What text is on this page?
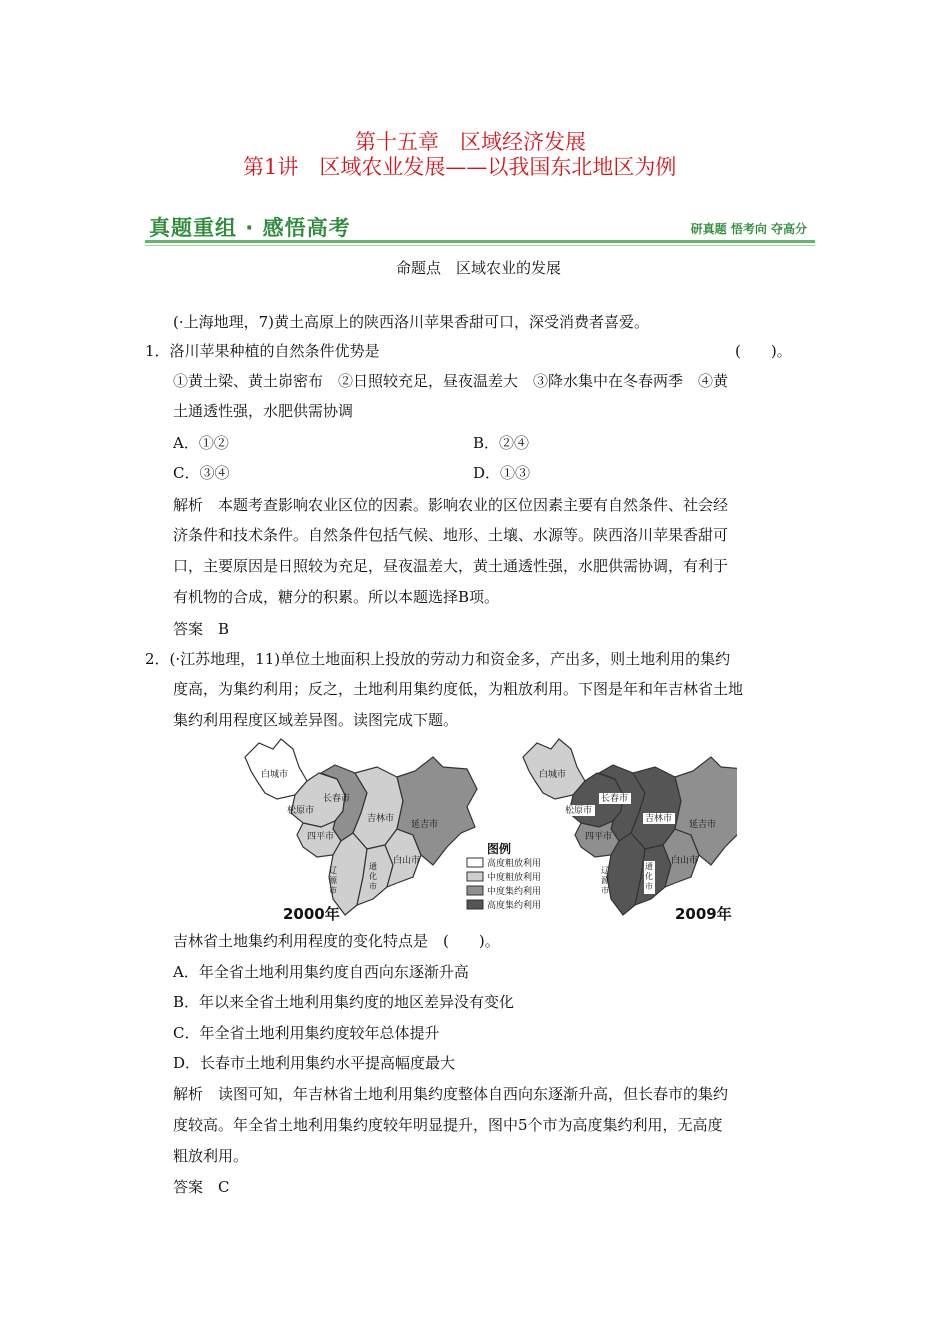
第十五章　区域经济发展
第1讲　区域农业发展——以我国东北地区为例
真题重组 · 感悟高考	研真题 悟考向 夺高分
命题点　区域农业的发展
(·上海地理，7)黄土高原上的陕西洛川苹果香甜可口，深受消费者喜爱。
1．洛川苹果种植的自然条件优势是	(　　)。
①黄土梁、黄土峁密布　②日照较充足，昼夜温差大　③降水集中在冬春两季　④黄
土通透性强，水肥供需协调
A．①②	B．②④
C．③④	D．①③
解析　本题考查影响农业区位的因素。影响农业的区位因素主要有自然条件、社会经
济条件和技术条件。自然条件包括气候、地形、土壤、水源等。陕西洛川苹果香甜可
口，主要原因是日照较为充足，昼夜温差大，黄土通透性强，水肥供需协调，有利于
有机物的合成，糖分的积累。所以本题选择B项。
答案　B
2．(·江苏地理，11)单位土地面积上投放的劳动力和资金多，产出多，则土地利用的集约
度高，为集约利用；反之，土地利用集约度低，为粗放利用。下图是年和年吉林省土地
集约利用程度区域差异图。读图完成下题。
白城市
松原市
长春市
四平市
吉林市
延吉市
白山市
通化市
辽源市
2000年
图例
高度粗放利用
中度粗放利用
中度集约利用
高度集约利用
白城市
松原市
长春市
四平市
吉林市
延吉市
白山市
通化市
辽源市
2009年
吉林省土地集约利用程度的变化特点是　(　　)。
A．年全省土地利用集约度自西向东逐渐升高
B．年以来全省土地利用集约度的地区差异没有变化
C．年全省土地利用集约度较年总体提升
D．长春市土地利用集约水平提高幅度最大
解析　读图可知，年吉林省土地利用集约度整体自西向东逐渐升高，但长春市的集约
度较高。年全省土地利用集约度较年明显提升，图中5个市为高度集约利用，无高度
粗放利用。
答案　C
